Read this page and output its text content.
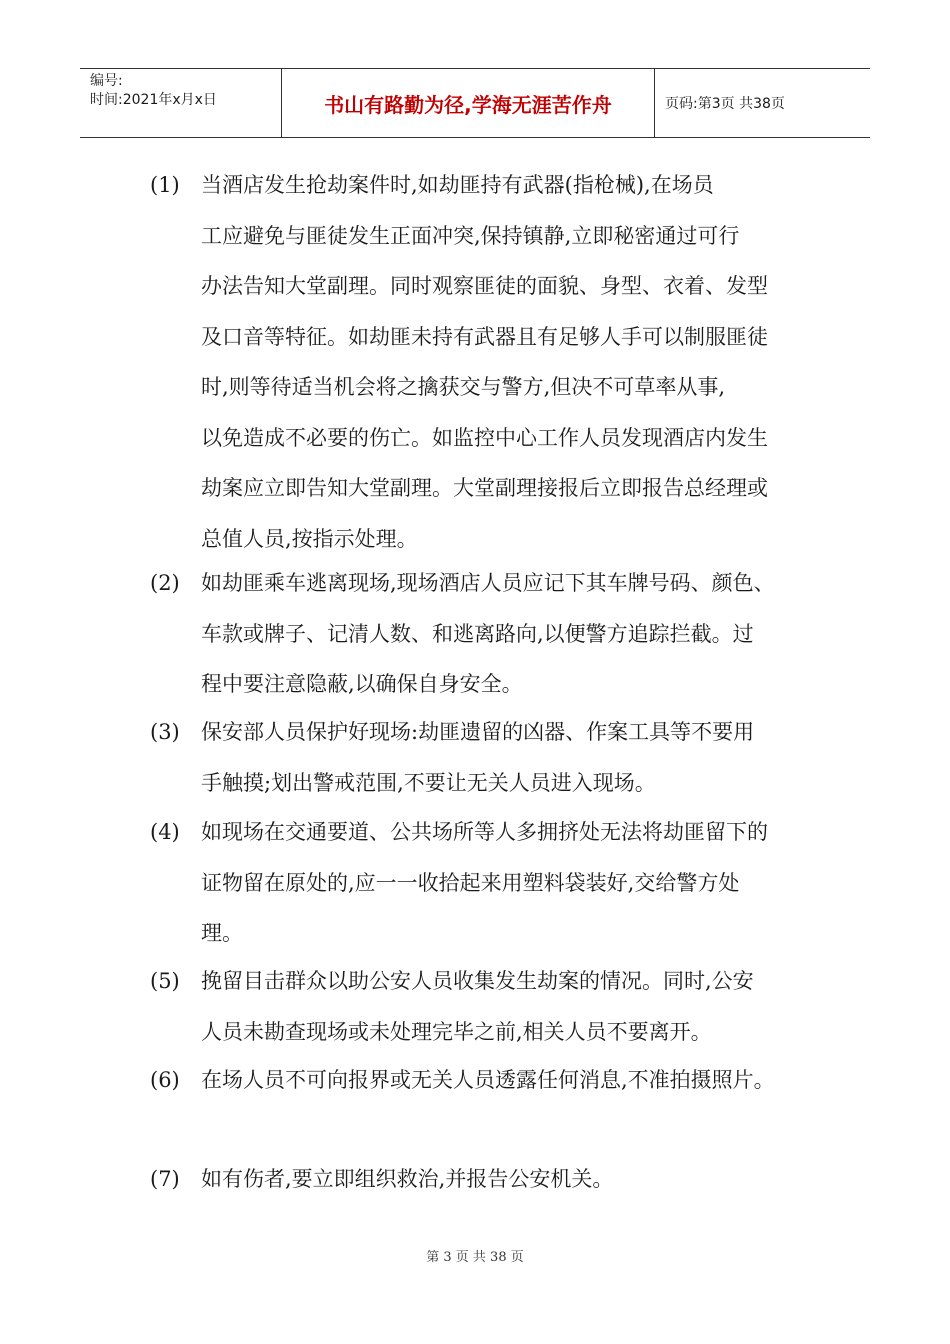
编号:
时间:2021年x月x日	书山有路勤为径,学海无涯苦作舟	页码:第3页 共38页
(1)	当酒店发生抢劫案件时,如劫匪持有武器(指枪械),在场员
工应避免与匪徒发生正面冲突,保持镇静,立即秘密通过可行
办法告知大堂副理。同时观察匪徒的面貌、身型、衣着、发型
及口音等特征。如劫匪未持有武器且有足够人手可以制服匪徒
时,则等待适当机会将之擒获交与警方,但决不可草率从事,
以免造成不必要的伤亡。如监控中心工作人员发现酒店内发生
劫案应立即告知大堂副理。大堂副理接报后立即报告总经理或
总值人员,按指示处理。
(2)	如劫匪乘车逃离现场,现场酒店人员应记下其车牌号码、颜色、
车款或牌子、记清人数、和逃离路向,以便警方追踪拦截。过
程中要注意隐蔽,以确保自身安全。
(3)	保安部人员保护好现场:劫匪遗留的凶器、作案工具等不要用
手触摸;划出警戒范围,不要让无关人员进入现场。
(4)	如现场在交通要道、公共场所等人多拥挤处无法将劫匪留下的
证物留在原处的,应一一收拾起来用塑料袋装好,交给警方处
理。
(5)	挽留目击群众以助公安人员收集发生劫案的情况。同时,公安
人员未勘查现场或未处理完毕之前,相关人员不要离开。
(6)	在场人员不可向报界或无关人员透露任何消息,不准拍摄照片。
(7)	如有伤者,要立即组织救治,并报告公安机关。
第 3 页 共 38 页
